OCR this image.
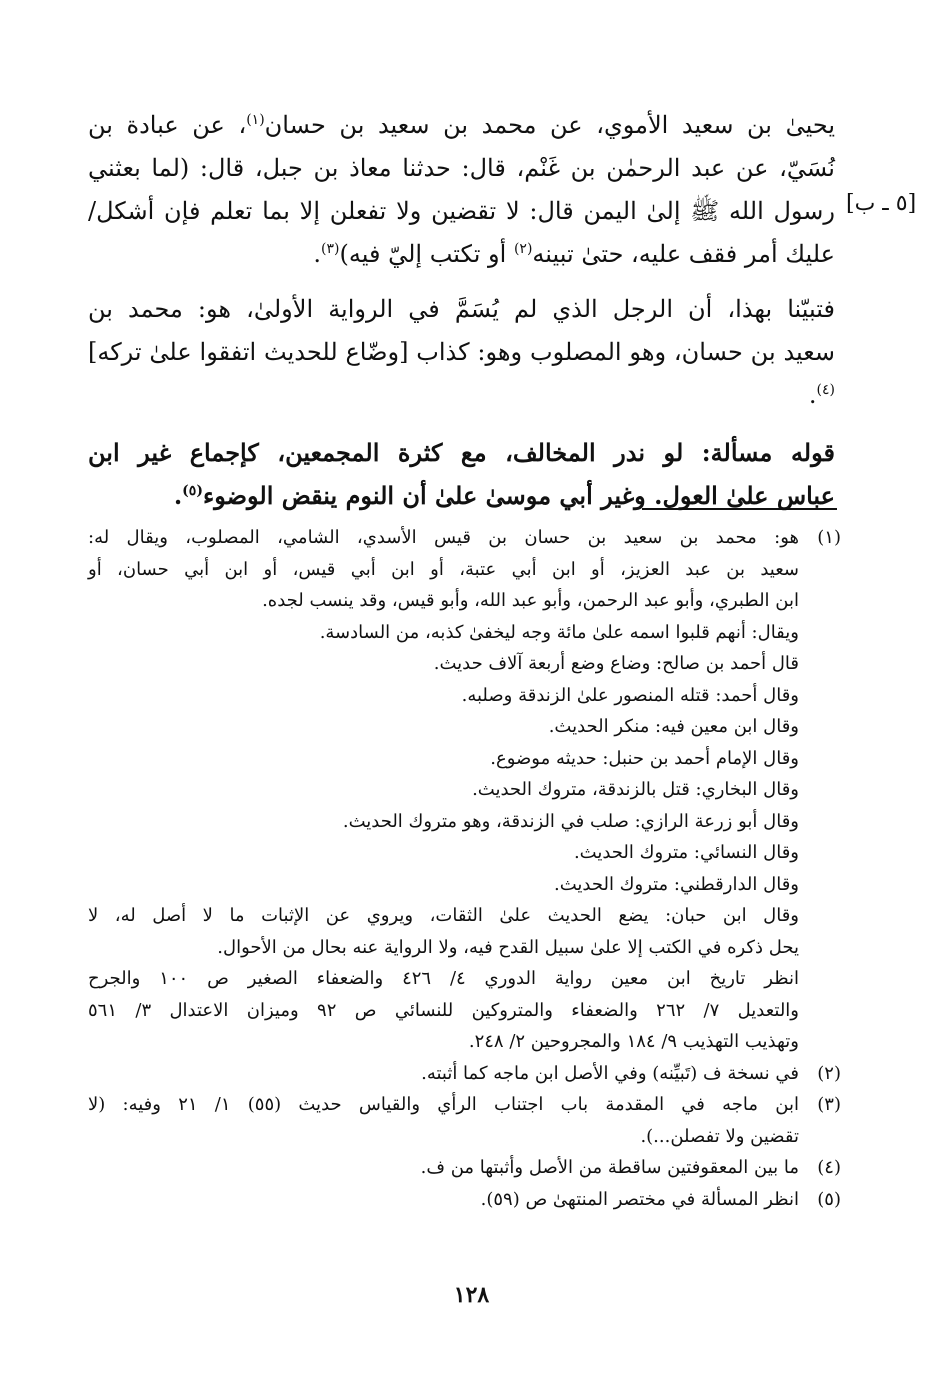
[٥ ـ ب]
يحيىٰ بن سعيد الأموي، عن محمد بن سعيد بن حسان$^{(١)}$، عن عبادة بن
نُسَيّ، عن عبد الرحمٰن بن غَنْم، قال: حدثنا معاذ بن جبل، قال: (لما بعثني
رسول الله ﷺ إلىٰ اليمن قال: لا تقضين ولا تفعلن إلا بما تعلم فإن أشكل/
عليك أمر فقف عليه، حتىٰ تبينه$^{(٢)}$ أو تكتب إليّ فيه)$^{(٣)}$.
فتبيّنا بهذا، أن الرجل الذي لم يُسَمَّ في الرواية الأولىٰ، هو: محمد بن
سعيد بن حسان، وهو المصلوب وهو: كذاب [وضّاع للحديث اتفقوا علىٰ تركه]$^{(٤)}$.
قوله مسألة: لو ندر المخالف، مع كثرة المجمعين، كإجماع غير ابن
عباس علىٰ العول. وغير أبي موسىٰ علىٰ أن النوم ينقض الوضوء$^{(٥)}$.
(١)
هو: محمد بن سعيد بن حسان بن قيس الأسدي، الشامي، المصلوب، ويقال له:
سعيد بن عبد العزيز، أو ابن أبي عتبة، أو ابن أبي قيس، أو ابن أبي حسان، أو
ابن الطبري، وأبو عبد الرحمن، وأبو عبد الله، وأبو قيس، وقد ينسب لجده.
ويقال: أنهم قلبوا اسمه علىٰ مائة وجه ليخفىٰ كذبه، من السادسة.
قال أحمد بن صالح: وضاع وضع أربعة آلاف حديث.
وقال أحمد: قتله المنصور علىٰ الزندقة وصلبه.
وقال ابن معين فيه: منكر الحديث.
وقال الإمام أحمد بن حنبل: حديثه موضوع.
وقال البخاري: قتل بالزندقة، متروك الحديث.
وقال أبو زرعة الرازي: صلب في الزندقة، وهو متروك الحديث.
وقال النسائي: متروك الحديث.
وقال الدارقطني: متروك الحديث.
وقال ابن حبان: يضع الحديث علىٰ الثقات، ويروي عن الإثبات ما لا أصل له، لا
يحل ذكره في الكتب إلا علىٰ سبيل القدح فيه، ولا الرواية عنه بحال من الأحوال.
انظر تاريخ ابن معين رواية الدوري ٤/ ٤٢٦ والضعفاء الصغير ص ١٠٠ والجرح
والتعديل ٧/ ٢٦٢ والضعفاء والمتروكين للنسائي ص ٩٢ وميزان الاعتدال ٣/ ٥٦١
وتهذيب التهذيب ٩/ ١٨٤ والمجروحين ٢/ ٢٤٨.
(٢)
في نسخة ف (تَبيِّنه) وفي الأصل ابن ماجه كما أثبته.
(٣)
ابن ماجه في المقدمة باب اجتناب الرأي والقياس حديث (٥٥) ١/ ٢١ وفيه: (لا
تقضين ولا تفصلن...).
(٤)
ما بين المعقوفتين ساقطة من الأصل وأثبتها من ف.
(٥)
انظر المسألة في مختصر المنتهىٰ ص (٥٩).
١٢٨
